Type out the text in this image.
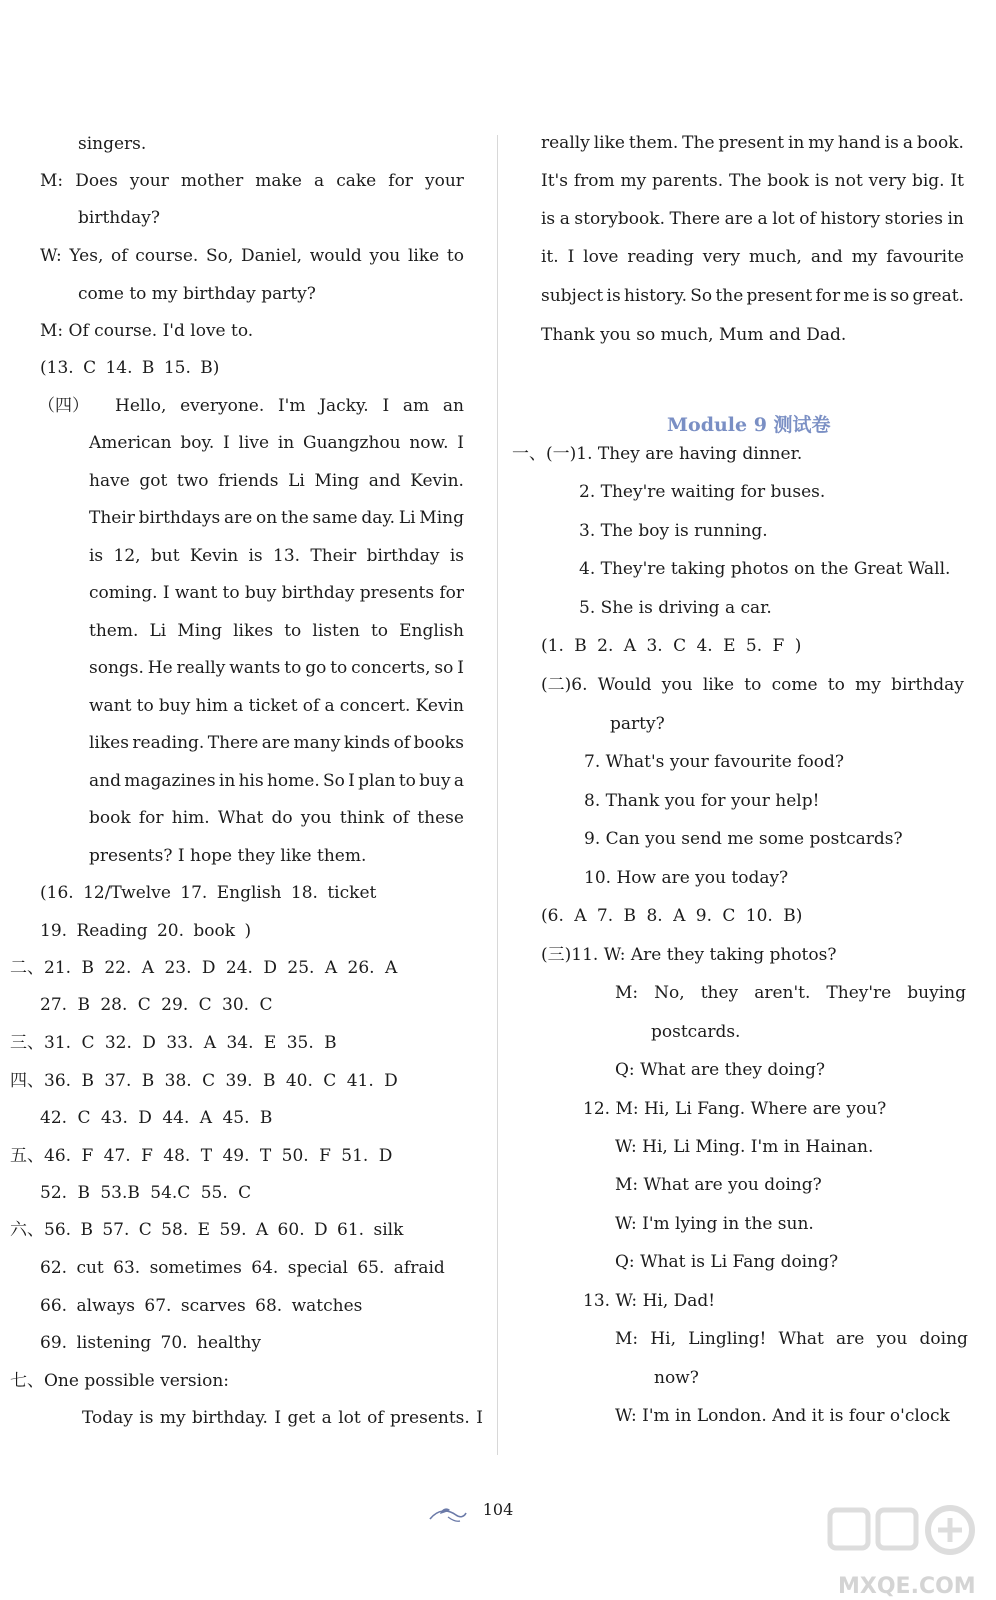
singers.
M: Does your mother make a cake for your
birthday?
W: Yes, of course. So, Daniel, would you like to
come to my birthday party?
M: Of course. I'd love to.
(13. C 14. B 15. B)
（四） Hello, everyone. I'm Jacky. I am an
American boy. I live in Guangzhou now. I
have got two friends Li Ming and Kevin.
Their birthdays are on the same day. Li Ming
is 12, but Kevin is 13. Their birthday is
coming. I want to buy birthday presents for
them. Li Ming likes to listen to English
songs. He really wants to go to concerts, so I
want to buy him a ticket of a concert. Kevin
likes reading. There are many kinds of books
and magazines in his home. So I plan to buy a
book for him. What do you think of these
presents? I hope they like them.
(16. 12/Twelve 17. English 18. ticket
19. Reading 20. book )
二、21. B 22. A 23. D 24. D 25. A 26. A
27. B 28. C 29. C 30. C
三、31. C 32. D 33. A 34. E 35. B
四、36. B 37. B 38. C 39. B 40. C 41. D
42. C 43. D 44. A 45. B
五、46. F 47. F 48. T 49. T 50. F 51. D
52. B 53.B 54.C 55. C
六、56. B 57. C 58. E 59. A 60. D 61. silk
62. cut 63. sometimes 64. special 65. afraid
66. always 67. scarves 68. watches
69. listening 70. healthy
七、One possible version:
Today is my birthday. I get a lot of presents. I
really like them. The present in my hand is a book.
It's from my parents. The book is not very big. It
is a storybook. There are a lot of history stories in
it. I love reading very much, and my favourite
subject is history. So the present for me is so great.
Thank you so much, Mum and Dad.
Module 9 测试卷
一、(一)1. They are having dinner.
2. They're waiting for buses.
3. The boy is running.
4. They're taking photos on the Great Wall.
5. She is driving a car.
(1. B 2. A 3. C 4. E 5. F )
(二)6. Would you like to come to my birthday
party?
7. What's your favourite food?
8. Thank you for your help!
9. Can you send me some postcards?
10. How are you today?
(6. A 7. B 8. A 9. C 10. B)
(三)11. W: Are they taking photos?
M: No, they aren't. They're buying
postcards.
Q: What are they doing?
12. M: Hi, Li Fang. Where are you?
W: Hi, Li Ming. I'm in Hainan.
M: What are you doing?
W: I'm lying in the sun.
Q: What is Li Fang doing?
13. W: Hi, Dad!
M: Hi, Lingling! What are you doing
now?
W: I'm in London. And it is four o'clock
104
MXQE.COM
